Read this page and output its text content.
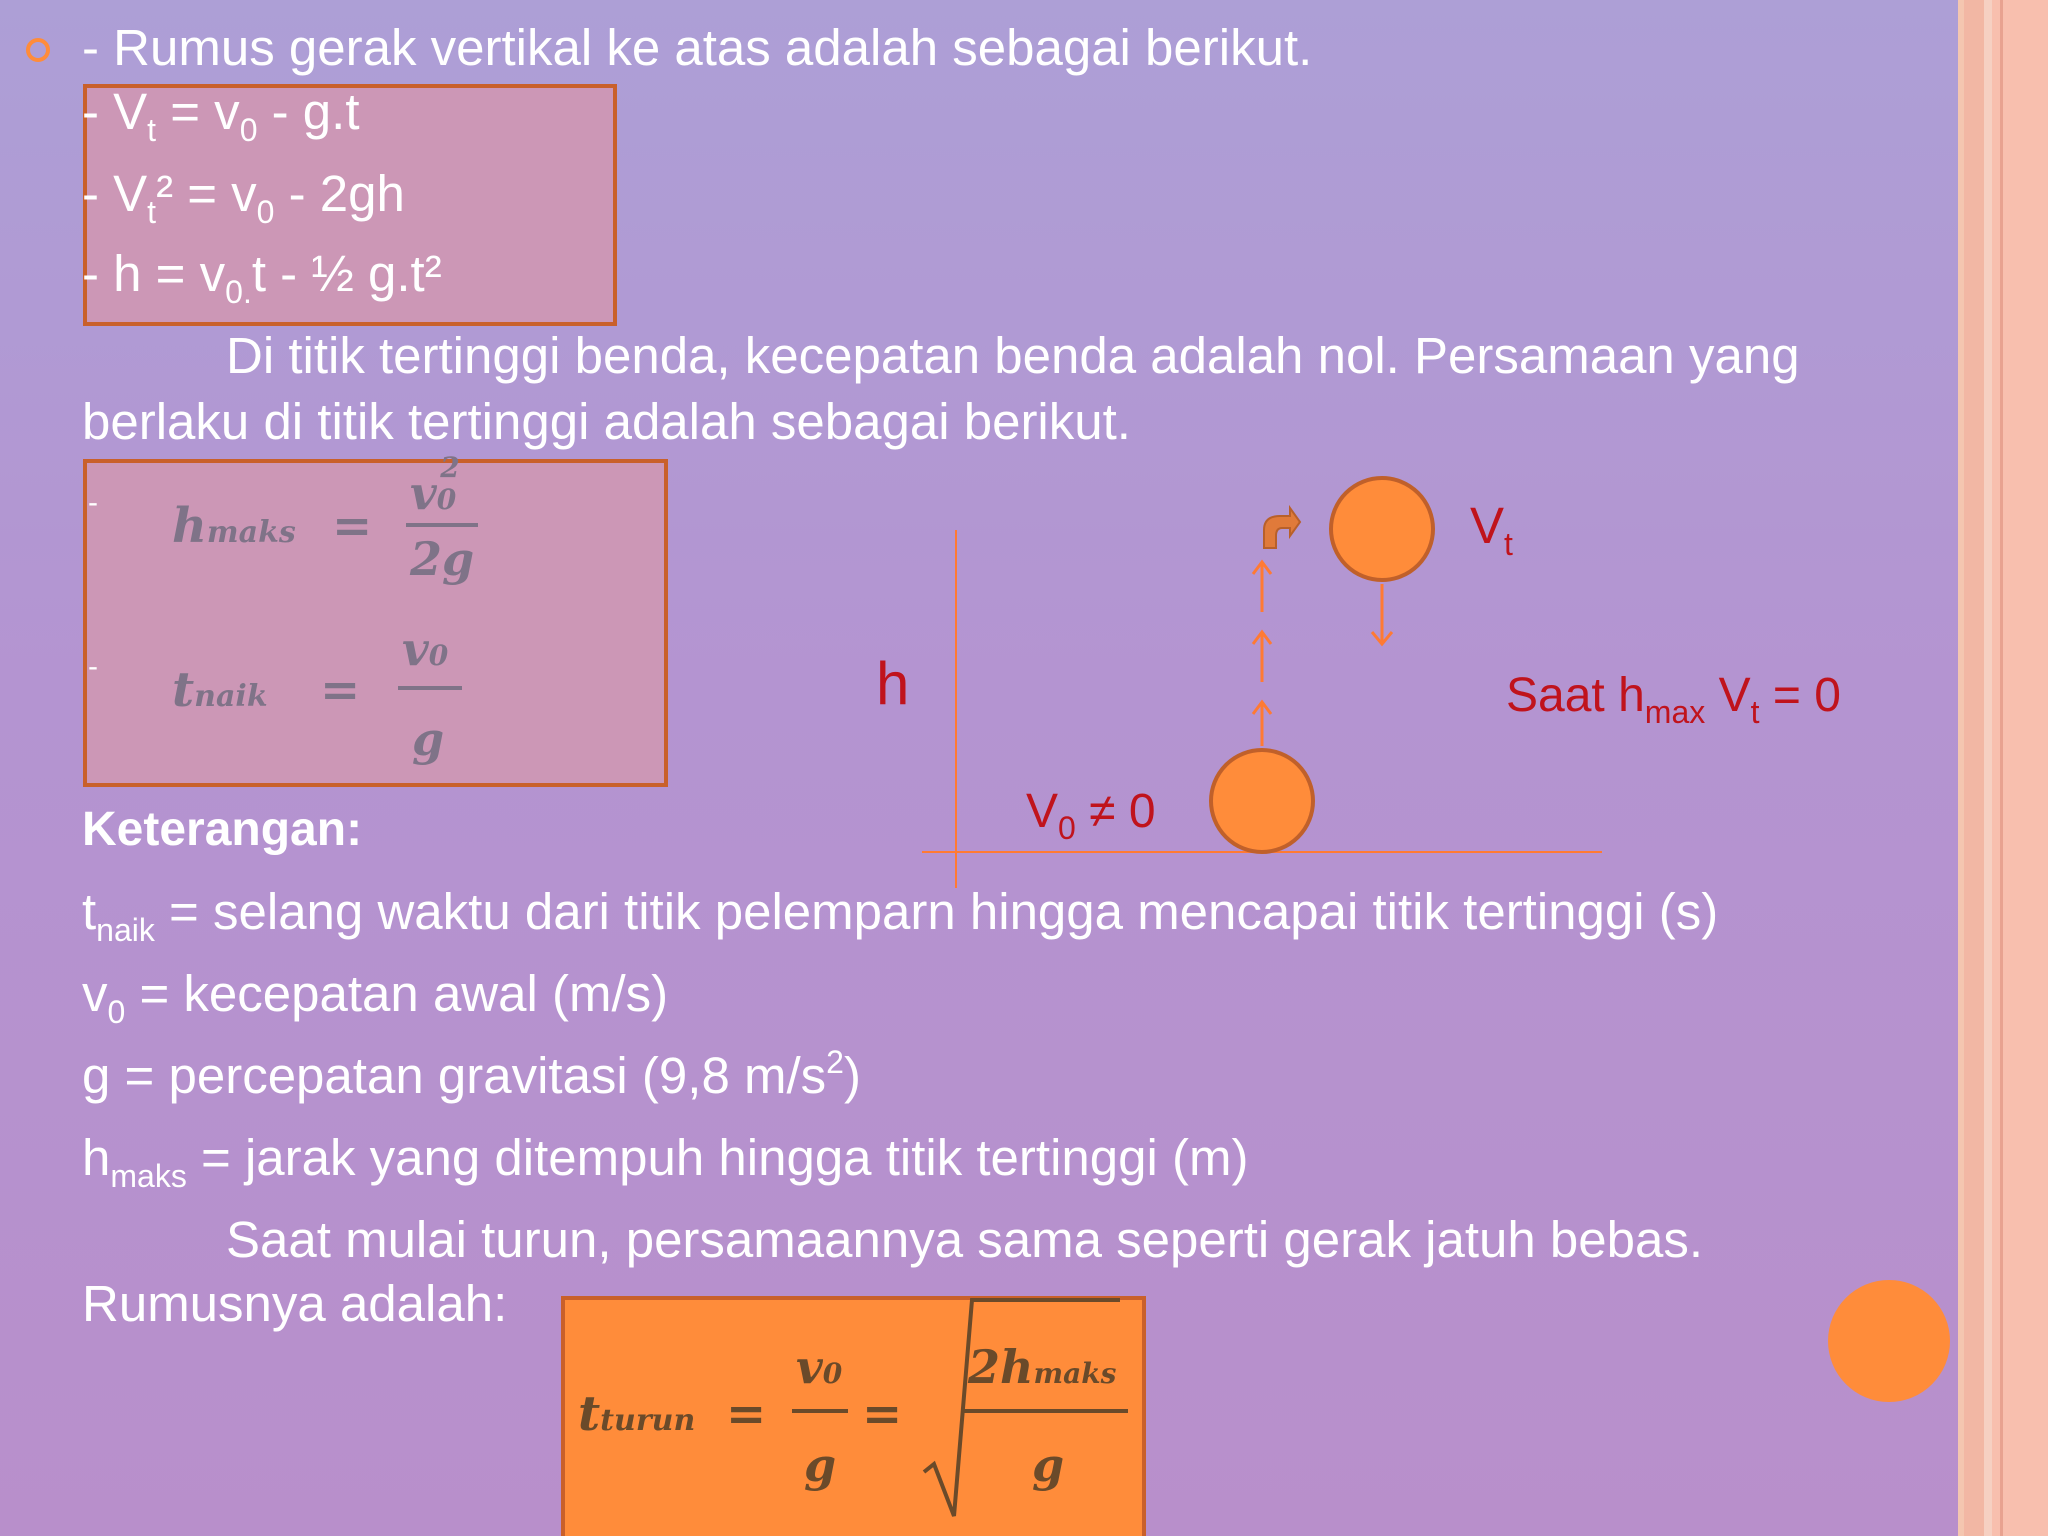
- Rumus gerak vertikal ke atas adalah sebagai berikut.
- $V_t = v_0 - g.t$
- $V_t^2 = v_0 - 2gh$
- $h = v_{0.}t$ - ½ g.t²
Di titik tertinggi benda, kecepatan benda adalah nol. Persamaan yang
berlaku di titik tertinggi adalah sebagai berikut.
-
-
hmaks =
$v0^2$
2g
tnaik =
v0
g
h
$V_t$
Saat $h_{max}$ $V_t = 0$
$V_0 \ne 0$
Keterangan:
$t_{naik}$ = selang waktu dari titik pelemparn hingga mencapai titik tertinggi (s)
$v_0$ = kecepatan awal (m/s)
g = percepatan gravitasi (9,8 $m/s^2$)
$h_{maks}$ = jarak yang ditempuh hingga titik tertinggi (m)
Saat mulai turun, persamaannya sama seperti gerak jatuh bebas.
Rumusnya adalah:
tturun =
v0
g
=
2hmaks
g
